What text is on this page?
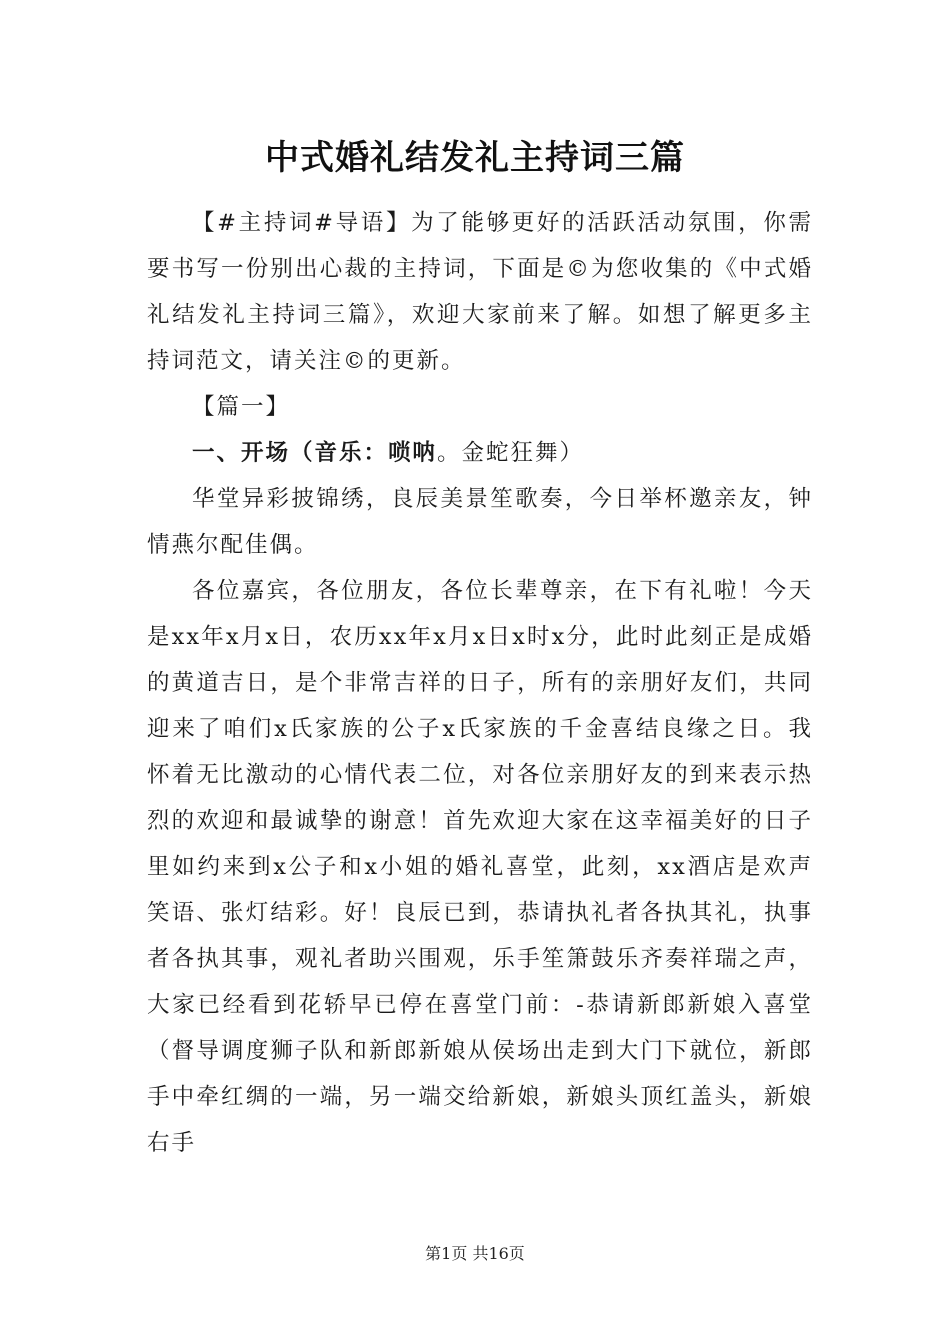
中式婚礼结发礼主持词三篇

【#主持词#导语】为了能够更好的活跃活动氛围，你需要书写一份别出心裁的主持词，下面是©为您收集的《中式婚礼结发礼主持词三篇》，欢迎大家前来了解。如想了解更多主持词范文，请关注©的更新。

【篇一】

一、开场（音乐：唢呐。金蛇狂舞）

华堂异彩披锦绣，良辰美景笙歌奏，今日举杯邀亲友，钟情燕尔配佳偶。

各位嘉宾，各位朋友，各位长辈尊亲，在下有礼啦！今天是xx年x月x日，农历xx年x月x日x时x分，此时此刻正是成婚的黄道吉日，是个非常吉祥的日子，所有的亲朋好友们，共同迎来了咱们x氏家族的公子x氏家族的千金喜结良缘之日。我怀着无比激动的心情代表二位，对各位亲朋好友的到来表示热烈的欢迎和最诚挚的谢意！首先欢迎大家在这幸福美好的日子里如约来到x公子和x小姐的婚礼喜堂，此刻，xx酒店是欢声笑语、张灯结彩。好！良辰已到，恭请执礼者各执其礼，执事者各执其事，观礼者助兴围观，乐手笙箫鼓乐齐奏祥瑞之声，大家已经看到花轿早已停在喜堂门前：-恭请新郎新娘入喜堂（督导调度狮子队和新郎新娘从侯场出走到大门下就位，新郎手中牵红绸的一端，另一端交给新娘，新娘头顶红盖头，新娘右手

第1页 共16页
